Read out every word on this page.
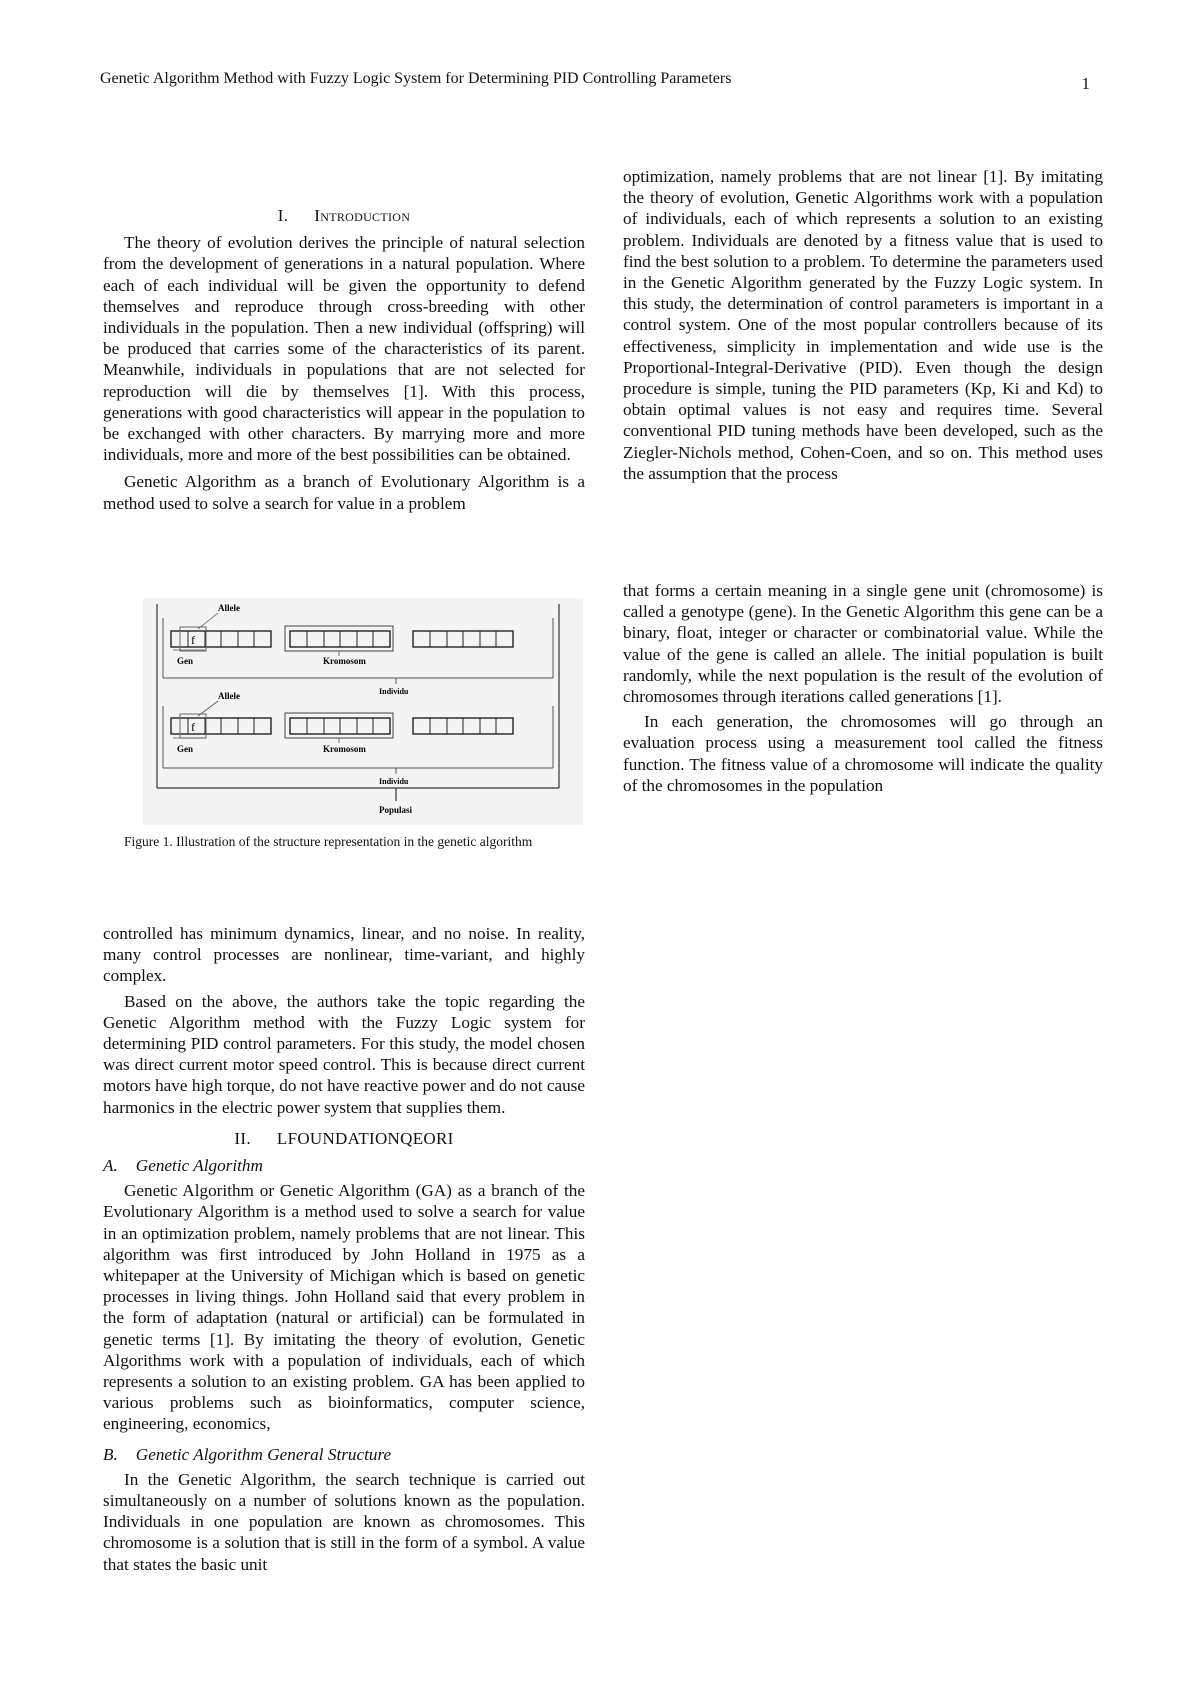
Genetic Algorithm Method with Fuzzy Logic System for Determining PID Controlling Parameters	1
I. Introduction

The theory of evolution derives the principle of natural selection from the development of generations in a natural population. Where each of each individual will be given the opportunity to defend themselves and reproduce through cross-breeding with other individuals in the population. Then a new individual (offspring) will be produced that carries some of the characteristics of its parent. Meanwhile, individuals in populations that are not selected for reproduction will die by themselves [1]. With this process, generations with good characteristics will appear in the population to be exchanged with other characters. By marrying more and more individuals, more and more of the best possibilities can be obtained.

Genetic Algorithm as a branch of Evolutionary Algorithm is a method used to solve a search for value in a problem

f
Allele
Gen	Kromosom
Individu
f
Allele
Gen	Kromosom
Individu
Populasi
Figure 1. Illustration of the structure representation in the genetic algorithm

controlled has minimum dynamics, linear, and no noise. In reality, many control processes are nonlinear, time-variant, and highly complex.

Based on the above, the authors take the topic regarding the Genetic Algorithm method with the Fuzzy Logic system for determining PID control parameters. For this study, the model chosen was direct current motor speed control. This is because direct current motors have high torque, do not have reactive power and do not cause harmonics in the electric power system that supplies them.

II. LFOUNDATIONQEORI
A. Genetic Algorithm

Genetic Algorithm or Genetic Algorithm (GA) as a branch of the Evolutionary Algorithm is a method used to solve a search for value in an optimization problem, namely problems that are not linear. This algorithm was first introduced by John Holland in 1975 as a whitepaper at the University of Michigan which is based on genetic processes in living things. John Holland said that every problem in the form of adaptation (natural or artificial) can be formulated in genetic terms [1]. By imitating the theory of evolution, Genetic Algorithms work with a population of individuals, each of which represents a solution to an existing problem. GA has been applied to various problems such as bioinformatics, computer science, engineering, economics,

B. Genetic Algorithm General Structure

In the Genetic Algorithm, the search technique is carried out simultaneously on a number of solutions known as the population. Individuals in one population are known as chromosomes. This chromosome is a solution that is still in the form of a symbol. A value that states the basic unit

optimization, namely problems that are not linear [1]. By imitating the theory of evolution, Genetic Algorithms work with a population of individuals, each of which represents a solution to an existing problem. Individuals are denoted by a fitness value that is used to find the best solution to a problem. To determine the parameters used in the Genetic Algorithm generated by the Fuzzy Logic system. In this study, the determination of control parameters is important in a control system. One of the most popular controllers because of its effectiveness, simplicity in implementation and wide use is the Proportional-Integral-Derivative (PID). Even though the design procedure is simple, tuning the PID parameters (Kp, Ki and Kd) to obtain optimal values is not easy and requires time. Several conventional PID tuning methods have been developed, such as the Ziegler-Nichols method, Cohen-Coen, and so on. This method uses the assumption that the process

that forms a certain meaning in a single gene unit (chromosome) is called a genotype (gene). In the Genetic Algorithm this gene can be a binary, float, integer or character or combinatorial value. While the value of the gene is called an allele. The initial population is built randomly, while the next population is the result of the evolution of chromosomes through iterations called generations [1].

In each generation, the chromosomes will go through an evaluation process using a measurement tool called the fitness function. The fitness value of a chromosome will indicate the quality of the chromosomes in the population
